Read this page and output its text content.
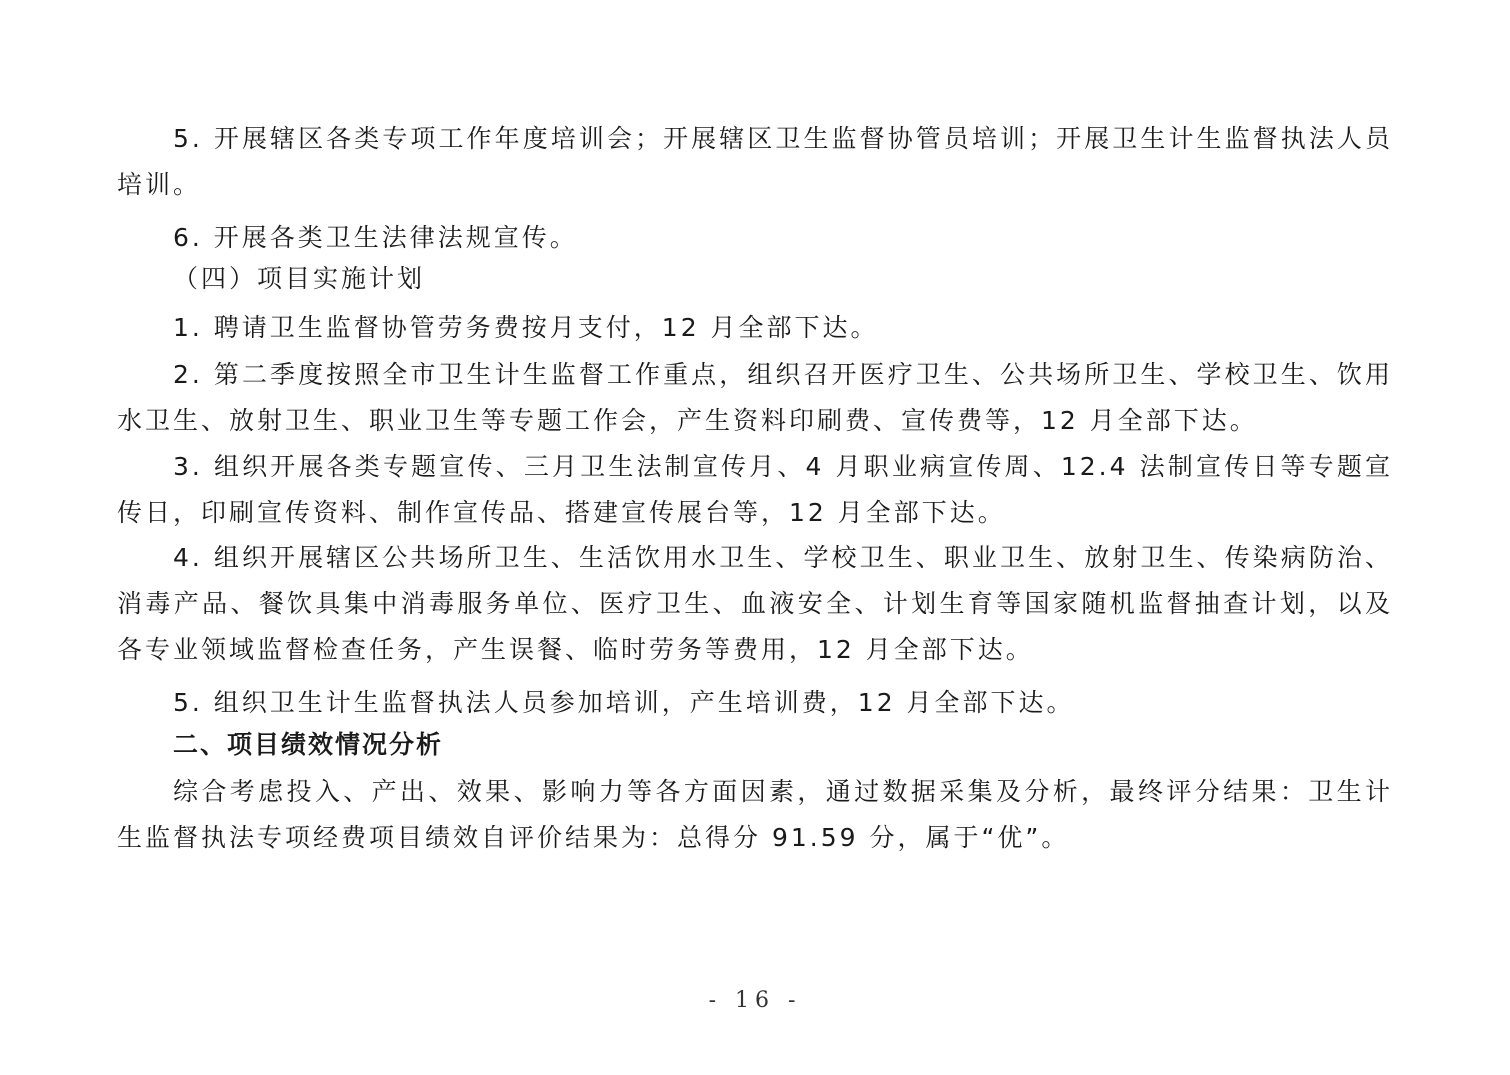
5. 开展辖区各类专项工作年度培训会；开展辖区卫生监督协管员培训；开展卫生计生监督执法人员培训。

6. 开展各类卫生法律法规宣传。

（四）项目实施计划

1. 聘请卫生监督协管劳务费按月支付，12 月全部下达。

2. 第二季度按照全市卫生计生监督工作重点，组织召开医疗卫生、公共场所卫生、学校卫生、饮用水卫生、放射卫生、职业卫生等专题工作会，产生资料印刷费、宣传费等，12 月全部下达。

3. 组织开展各类专题宣传、三月卫生法制宣传月、4 月职业病宣传周、12.4 法制宣传日等专题宣传日，印刷宣传资料、制作宣传品、搭建宣传展台等，12 月全部下达。

4. 组织开展辖区公共场所卫生、生活饮用水卫生、学校卫生、职业卫生、放射卫生、传染病防治、消毒产品、餐饮具集中消毒服务单位、医疗卫生、血液安全、计划生育等国家随机监督抽查计划，以及各专业领域监督检查任务，产生误餐、临时劳务等费用，12 月全部下达。

5. 组织卫生计生监督执法人员参加培训，产生培训费，12 月全部下达。

二、项目绩效情况分析

综合考虑投入、产出、效果、影响力等各方面因素，通过数据采集及分析，最终评分结果：卫生计生监督执法专项经费项目绩效自评价结果为：总得分 91.59 分，属于“优”。

- 16 -
